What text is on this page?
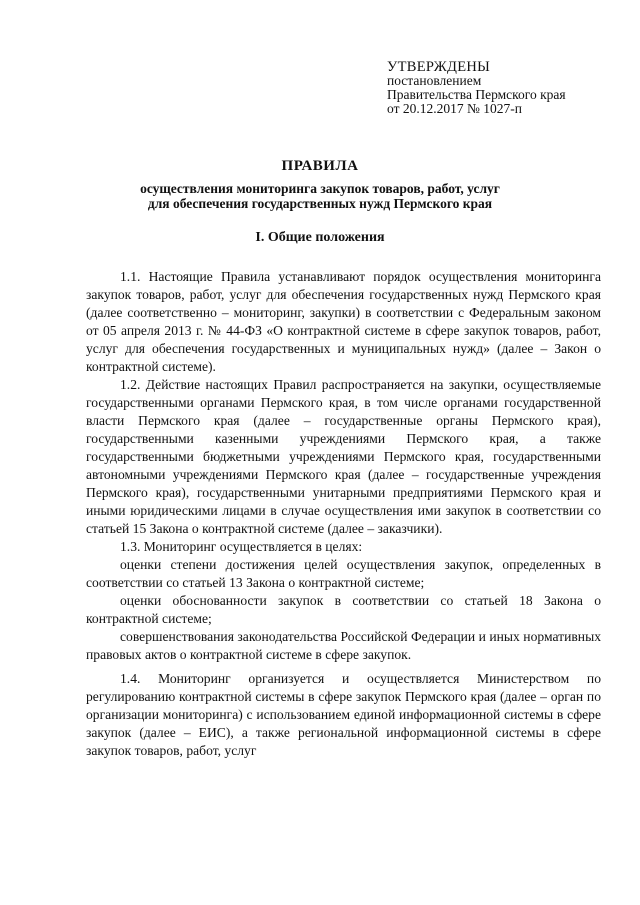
УТВЕРЖДЕНЫ
постановлением
Правительства Пермского края
от 20.12.2017 № 1027-п
ПРАВИЛА
осуществления мониторинга закупок товаров, работ, услуг
для обеспечения государственных нужд Пермского края
I. Общие положения

1.1. Настоящие Правила устанавливают порядок осуществления мониторинга закупок товаров, работ, услуг для обеспечения государственных нужд Пермского края (далее соответственно – мониторинг, закупки) в соответствии с Федеральным законом от 05 апреля 2013 г. № 44-ФЗ «О контрактной системе в сфере закупок товаров, работ, услуг для обеспечения государственных и муниципальных нужд» (далее – Закон о контрактной системе).

1.2. Действие настоящих Правил распространяется на закупки, осуществляемые государственными органами Пермского края, в том числе органами государственной власти Пермского края (далее – государственные органы Пермского края), государственными казенными учреждениями Пермского края, а также государственными бюджетными учреждениями Пермского края, государственными автономными учреждениями Пермского края (далее – государственные учреждения Пермского края), государственными унитарными предприятиями Пермского края и иными юридическими лицами в случае осуществления ими закупок в соответствии со статьей 15 Закона о контрактной системе (далее – заказчики).

1.3. Мониторинг осуществляется в целях:

оценки степени достижения целей осуществления закупок, определенных в соответствии со статьей 13 Закона о контрактной системе;

оценки обоснованности закупок в соответствии со статьей 18 Закона о контрактной системе;

совершенствования законодательства Российской Федерации и иных нормативных правовых актов о контрактной системе в сфере закупок.

1.4. Мониторинг организуется и осуществляется Министерством по регулированию контрактной системы в сфере закупок Пермского края (далее – орган по организации мониторинга) с использованием единой информационной системы в сфере закупок (далее – ЕИС), а также региональной информационной системы в сфере закупок товаров, работ, услуг
